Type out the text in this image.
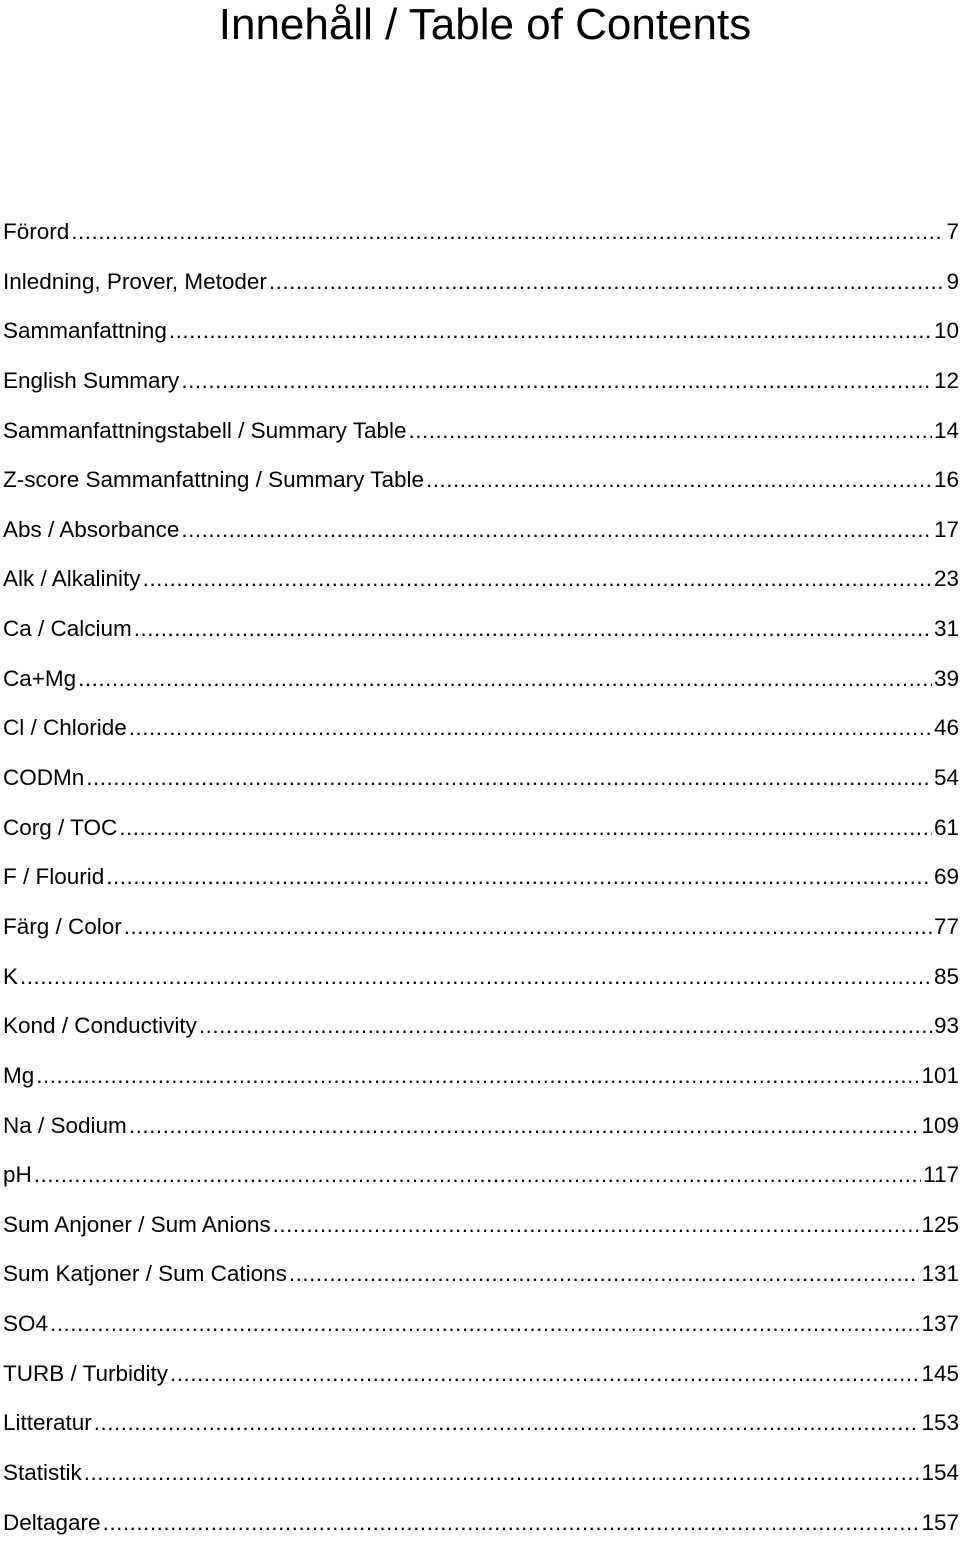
Innehåll / Table of Contents
Förord .....	7
Inledning, Prover, Metoder .....	9
Sammanfattning .....	10
English Summary .....	12
Sammanfattningstabell / Summary Table .....	14
Z-score Sammanfattning / Summary Table .....	16
Abs / Absorbance .....	17
Alk / Alkalinity .....	23
Ca / Calcium .....	31
Ca+Mg .....	39
Cl / Chloride .....	46
CODMn .....	54
Corg / TOC .....	61
F / Flourid .....	69
Färg / Color .....	77
K .....	85
Kond / Conductivity .....	93
Mg .....	101
Na / Sodium .....	109
pH .....	117
Sum Anjoner / Sum Anions .....	125
Sum Katjoner / Sum Cations .....	131
SO4 .....	137
TURB / Turbidity .....	145
Litteratur .....	153
Statistik .....	154
Deltagare .....	157
